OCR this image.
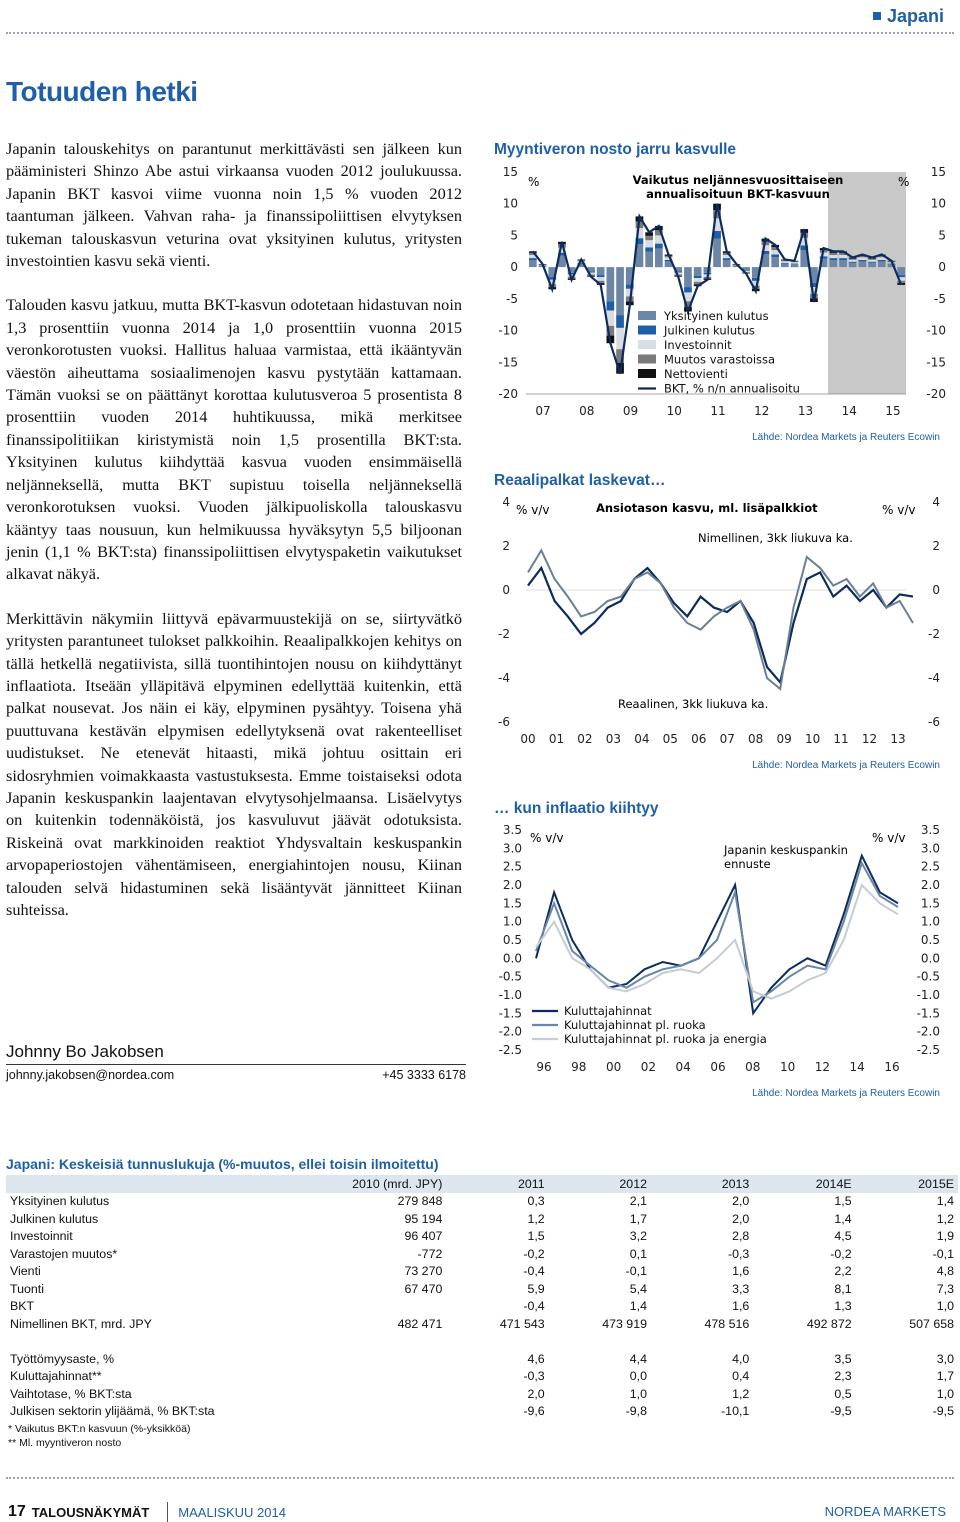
Japani
Totuuden hetki

Japanin talouskehitys on parantunut merkittävästi sen jälkeen kun pääministeri Shinzo Abe astui virkaansa vuoden 2012 joulukuussa. Japanin BKT kasvoi viime vuonna noin 1,5 % vuoden 2012 taantuman jälkeen. Vahvan raha- ja finanssipoliittisen elvytyksen tukeman talouskasvun veturina ovat yksityinen kulutus, yritysten investointien kasvu sekä vienti.

Talouden kasvu jatkuu, mutta BKT-kasvun odotetaan hidastuvan noin 1,3 prosenttiin vuonna 2014 ja 1,0 prosenttiin vuonna 2015 veronkorotusten vuoksi. Hallitus haluaa varmistaa, että ikääntyvän väestön aiheuttama sosiaalimenojen kasvu pystytään kattamaan. Tämän vuoksi se on päättänyt korottaa kulutusveroa 5 prosentista 8 prosenttiin vuoden 2014 huhtikuussa, mikä merkitsee finanssipolitiikan kiristymistä noin 1,5 prosentilla BKT:sta. Yksityinen kulutus kiihdyttää kasvua vuoden ensimmäisellä neljänneksellä, mutta BKT supistuu toisella neljänneksellä veronkorotuksen vuoksi. Vuoden jälkipuoliskolla talouskasvu kääntyy taas nousuun, kun helmikuussa hyväksytyn 5,5 biljoonan jenin (1,1 % BKT:sta) finanssipoliittisen elvytyspaketin vaikutukset alkavat näkyä.

Merkittävin näkymiin liittyvä epävarmuustekijä on se, siirtyvätkö yritysten parantuneet tulokset palkkoihin. Reaalipalkkojen kehitys on tällä hetkellä negatiivista, sillä tuontihintojen nousu on kiihdyttänyt inflaatiota. Itseään ylläpitävä elpyminen edellyttää kuitenkin, että palkat nousevat. Jos näin ei käy, elpyminen pysähtyy. Toisena yhä puuttuvana kestävän elpymisen edellytyksenä ovat rakenteelliset uudistukset. Ne etenevät hitaasti, mikä johtuu osittain eri sidosryhmien voimakkaasta vastustuksesta. Emme toistaiseksi odota Japanin keskuspankin laajentavan elvytysohjelmaansa. Lisäelvytys on kuitenkin todennäköistä, jos kasvuluvut jäävät odotuksista. Riskeinä ovat markkinoiden reaktiot Yhdysvaltain keskuspankin arvopaperiostojen vähentämiseen, energiahintojen nousu, Kiinan talouden selvä hidastuminen sekä lisääntyvät jännitteet Kiinan suhteissa.

Johnny Bo Jakobsen
johnny.jakobsen@nordea.com	+45 3333 6178
Myyntiveron nosto jarru kasvulle
15
10
5
0
-5
-10
-15
-20
15
10
5
0
-5
-10
-15
-20
07 08 09 10 11 12 13 14 15
%	%
Vaikutus neljännesvuosittaiseen
annualisoituun BKT-kasvuun
Yksityinen kulutus
Julkinen kulutus
Investoinnit
Muutos varastoissa
Nettovienti
BKT, % n/n annualisoitu
Lähde: Nordea Markets ja Reuters Ecowin
Reaalipalkat laskevat…
4
2
0
-2
-4
-6
4
2
0
-2
-4
-6
00 01 02 03 04 05 06 07 08 09 10 11 12 13
% v/v	% v/v
Ansiotason kasvu, ml. lisäpalkkiot
Nimellinen, 3kk liukuva ka.
Reaalinen, 3kk liukuva ka.
Lähde: Nordea Markets ja Reuters Ecowin
… kun inflaatio kiihtyy
3.5
3.0
2.5
2.0
1.5
1.0
0.5
0.0
-0.5
-1.0
-1.5
-2.0
-2.5
3.5
3.0
2.5
2.0
1.5
1.0
0.5
0.0
-0.5
-1.0
-1.5
-2.0
-2.5
96 98 00 02 04 06 08 10 12 14 16
% v/v	% v/v
Japanin keskuspankin
ennuste
Kuluttajahinnat
Kuluttajahinnat pl. ruoka
Kuluttajahinnat pl. ruoka ja energia
Lähde: Nordea Markets ja Reuters Ecowin
Japani: Keskeisiä tunnuslukuja (%-muutos, ellei toisin ilmoitettu)
	2010 (mrd. JPY)	2011	2012	2013	2014E	2015E
Yksityinen kulutus	279 848	0,3	2,1	2,0	1,5	1,4
Julkinen kulutus	95 194	1,2	1,7	2,0	1,4	1,2
Investoinnit	96 407	1,5	3,2	2,8	4,5	1,9
Varastojen muutos*	-772	-0,2	0,1	-0,3	-0,2	-0,1
Vienti	73 270	-0,4	-0,1	1,6	2,2	4,8
Tuonti	67 470	5,9	5,4	3,3	8,1	7,3
BKT		-0,4	1,4	1,6	1,3	1,0
Nimellinen BKT, mrd. JPY	482 471	471 543	473 919	478 516	492 872	507 658

Työttömyysaste, %		4,6	4,4	4,0	3,5	3,0
Kuluttajahinnat**		-0,3	0,0	0,4	2,3	1,7
Vaihtotase, % BKT:sta		2,0	1,0	1,2	0,5	1,0
Julkisen sektorin ylijäämä, % BKT:sta		-9,6	-9,8	-10,1	-9,5	-9,5
* Vaikutus BKT:n kasvuun (%-yksikköä)
** Ml. myyntiveron nosto
17 TALOUSNÄKYMÄT MAALISKUU 2014	NORDEA MARKETS
